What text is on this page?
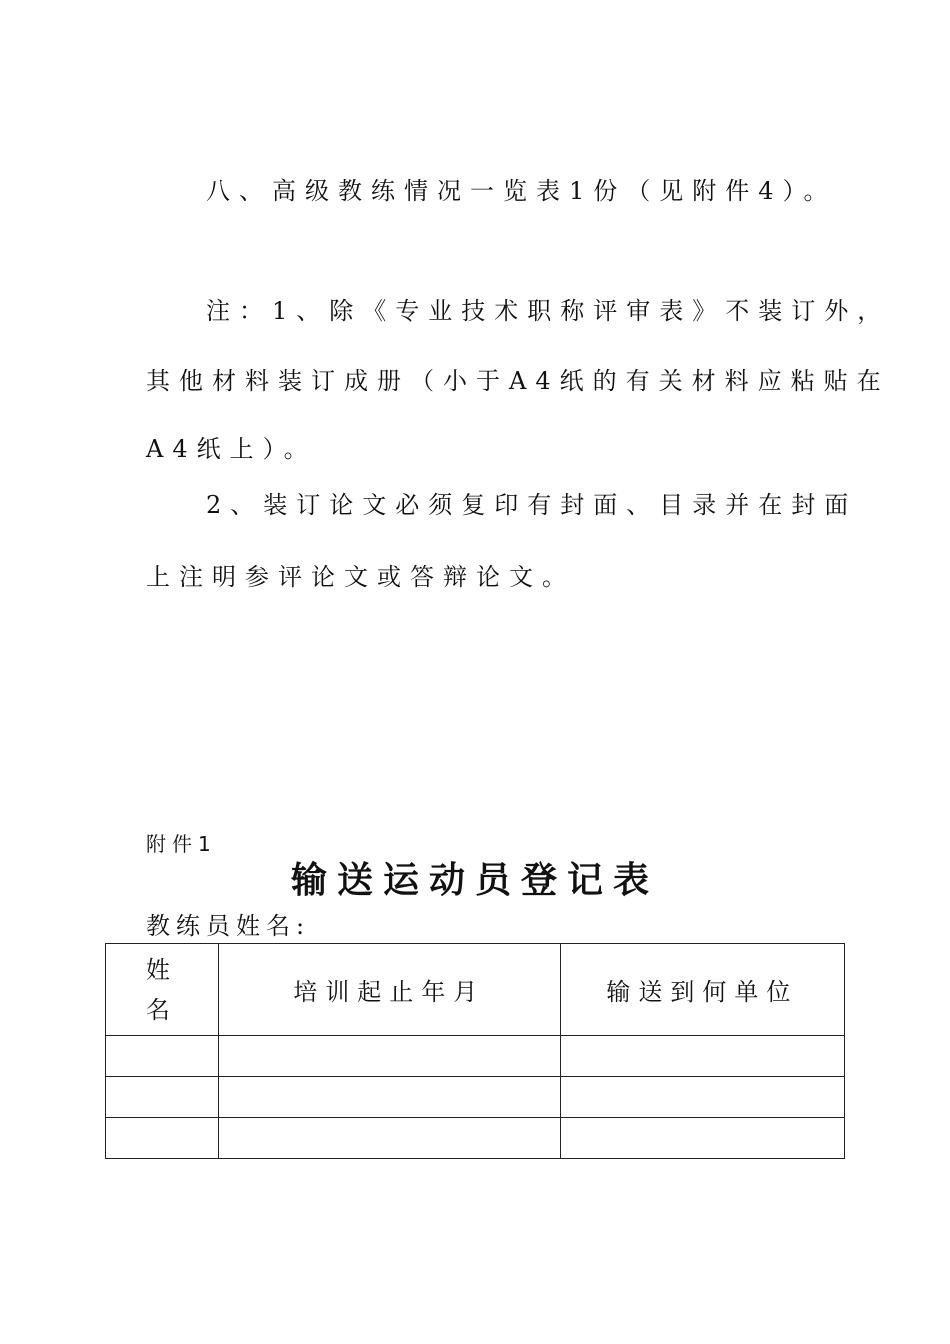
八、高级教练情况一览表1份（见附件4）。
注：1、除《专业技术职称评审表》不装订外，
其他材料装订成册（小于A4纸的有关材料应粘贴在
A4纸上）。
2、装订论文必须复印有封面、目录并在封面
上注明参评论文或答辩论文。
附件1
输送运动员登记表
教练员姓名:
姓
名	培训起止年月	输送到何单位
